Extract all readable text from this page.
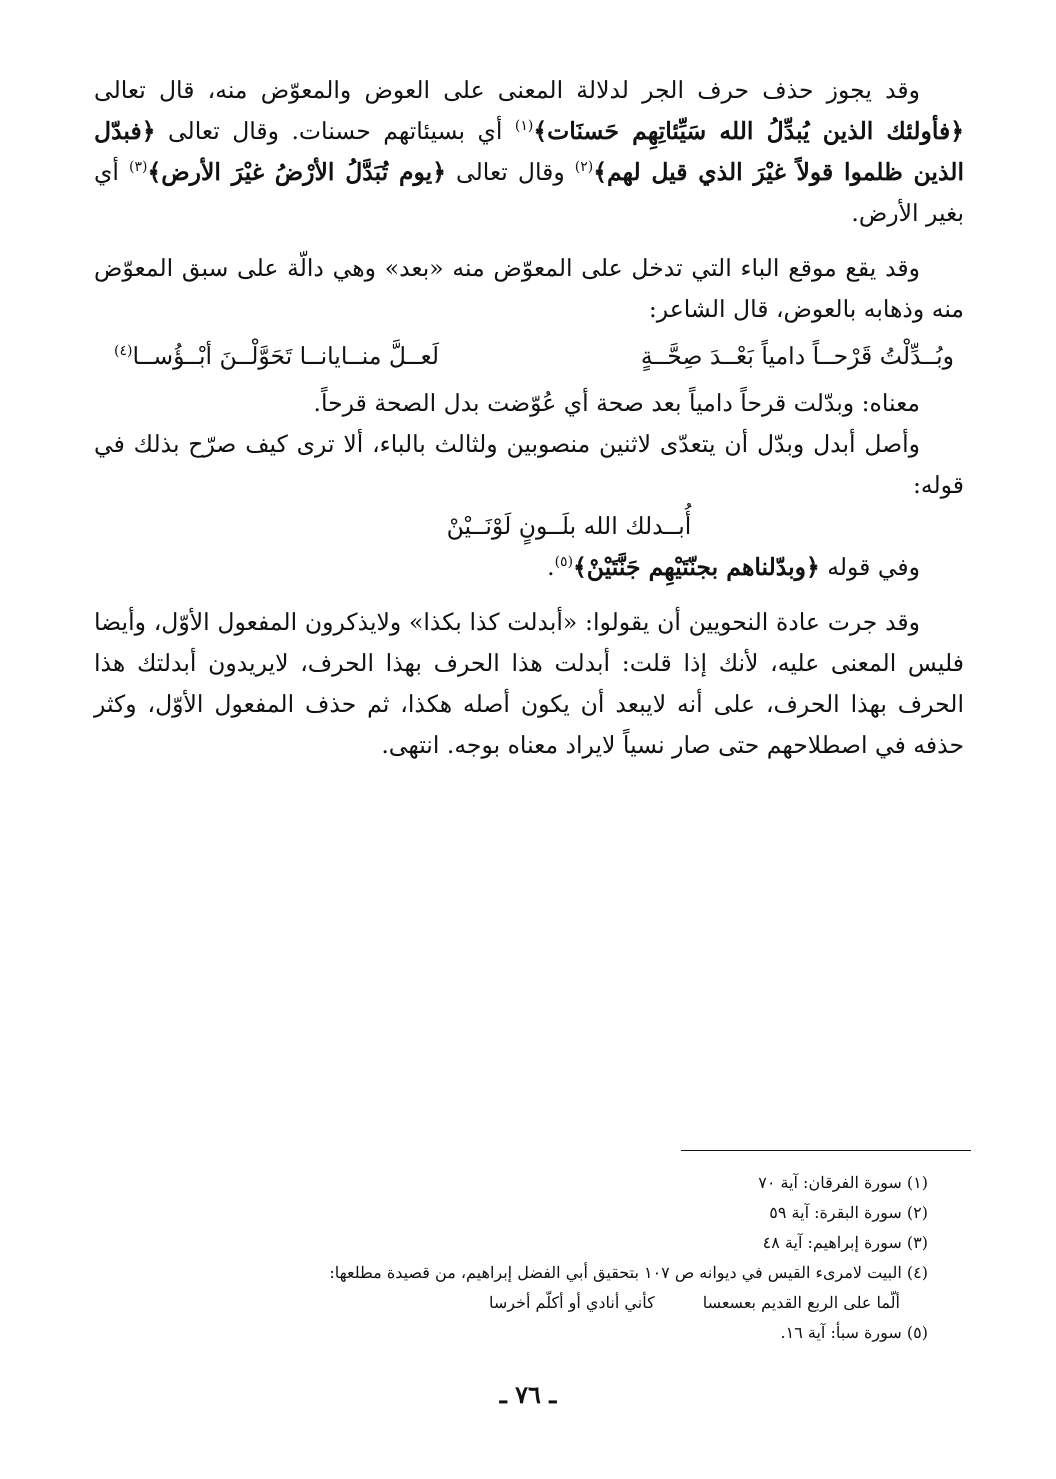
وقد يجوز حذف حرف الجر لدلالة المعنى على العوض والمعوّض منه، قال تعالى ﴿فأولئك الذين يُبدِّلُ الله سَيِّئاتِهِم حَسنَات﴾$^{(١)}$ أي بسيئاتهم حسنات. وقال تعالى ﴿فبدّل الذين ظلموا قولاً غيْرَ الذي قيل لهم﴾$^{(٢)}$ وقال تعالى ﴿يوم تُبَدَّلُ الأرْضُ غيْرَ الأرض﴾$^{(٣)}$ أي بغير الأرض.

وقد يقع موقع الباء التي تدخل على المعوّض منه «بعد» وهي دالّة على سبق المعوّض منه وذهابه بالعوض، قال الشاعر:

وبُــدِّلْتُ قَرْحــاً دامياً بَعْــدَ صِحَّــةٍ
لَعــلَّ منــايانــا تَحَوَّلْــنَ أبْــؤُســا$^{(٤)}$

معناه: وبدّلت قرحاً دامياً بعد صحة أي عُوّضت بدل الصحة قرحاً.

وأصل أبدل وبدّل أن يتعدّى لاثنين منصوبين ولثالث بالباء، ألا ترى كيف صرّح بذلك في قوله:

أُبــدلك الله بلَــونٍ لَوْنَــيْنْ

وفي قوله ﴿وبدّلناهم بجنّتَيْهِم جَنَّتَيْنْ﴾$^{(٥)}$.

وقد جرت عادة النحويين أن يقولوا: «أبدلت كذا بكذا» ولايذكرون المفعول الأوّل، وأيضا فليس المعنى عليه، لأنك إذا قلت: أبدلت هذا الحرف بهذا الحرف، لايريدون أبدلتك هذا الحرف بهذا الحرف، على أنه لايبعد أن يكون أصله هكذا، ثم حذف المفعول الأوّل، وكثر حذفه في اصطلاحهم حتى صار نسياً لايراد معناه بوجه. انتهى.

(١) سورة الفرقان: آية ٧٠

(٢) سورة البقرة: آية ٥٩

(٣) سورة إبراهيم: آية ٤٨

(٤) البيت لامرىء القيس في ديوانه ص ١٠٧ بتحقيق أبي الفضل إبراهيم، من قصيدة مطلعها:

ألّما على الربع القديم بعسعسا
كأني أنادي أو أكلّم أخرسا

(٥) سورة سبأ: آية ١٦.

ـ ٧٦ ـ
